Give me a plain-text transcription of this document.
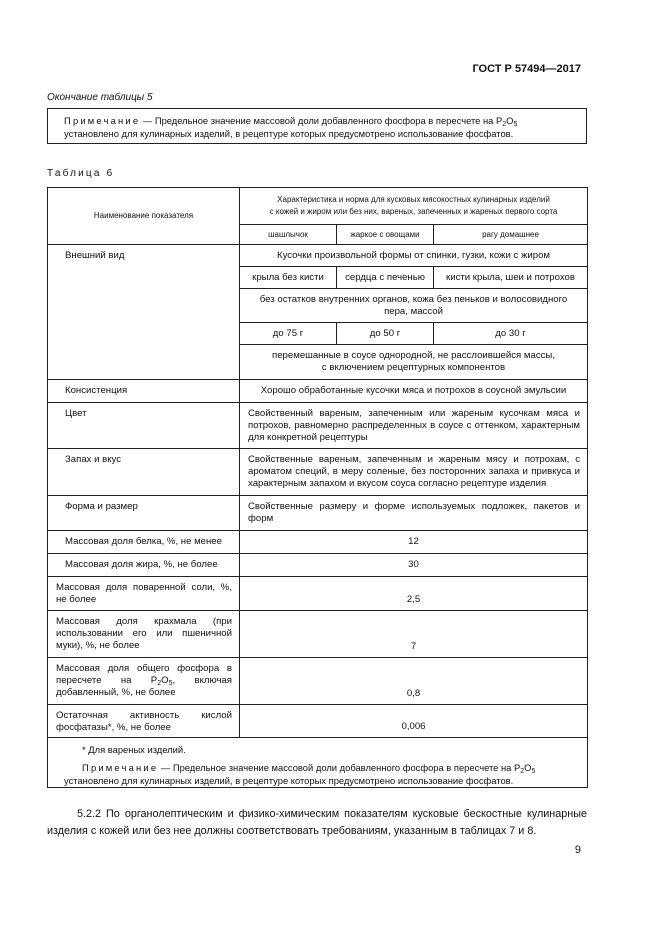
ГОСТ Р 57494—2017
Окончание таблицы 5
Примечание — Предельное значение массовой доли добавленного фосфора в пересчете на $P_2O_5$
установлено для кулинарных изделий, в рецептуре которых предусмотрено использование фосфатов.
Таблица 6
Наименование показателя	Характеристика и норма для кусковых мясокостных кулинарных изделий
с кожей и жиром или без них, вареных, запеченных и жареных первого сорта		
	шашлычок	жаркое с овощами	рагу домашнее
Внешний вид	Кусочки произвольной формы от спинки, гузки, кожи с жиром		
	крыла без кисти	сердца с печенью	кисти крыла, шеи и потрохов
	без остатков внутренних органов, кожа без пеньков и волосовидного
пера, массой		
	до 75 г	до 50 г	до 30 г
	перемешанные в соусе однородной, не расслоившейся массы,
с включением рецептурных компонентов		
Консистенция	Хорошо обработанные кусочки мяса и потрохов в соусной эмульсии		
Цвет	Свойственный вареным, запеченным или жареным кусочкам мяса и потрохов, равномерно распределенных в соусе с оттенком, характерным для конкретной рецептуры		
Запах и вкус	Свойственные вареным, запеченным и жареным мясу и потрохам, с ароматом специй, в меру соленые, без посторонних запаха и привкуса и характерным запахом и вкусом соуса согласно рецептуре изделия		
Форма и размер	Свойственные размеру и форме используемых подложек, пакетов и форм		
Массовая доля белка, %, не менее	12		
Массовая доля жира, %, не более	30		
Массовая доля поваренной соли, %, не более	2,5		
Массовая доля крахмала (при использовании его или пшеничной муки), %, не более	7		
Массовая доля общего фосфора в пересчете на $P_2O_5$, включая добавленный, %, не более	0,8		
Остаточная активность кислой фосфатазы*, %, не более	0,006		

* Для вареных изделий.
Примечание — Предельное значение массовой доли добавленного фосфора в пересчете на $P_2O_5$
установлено для кулинарных изделий, в рецептуре которых предусмотрено использование фосфатов.			
5.2.2 По органолептическим и физико-химическим показателям кусковые бескостные кулинарные изделия с кожей или без нее должны соответствовать требованиям, указанным в таблицах 7 и 8.
9
